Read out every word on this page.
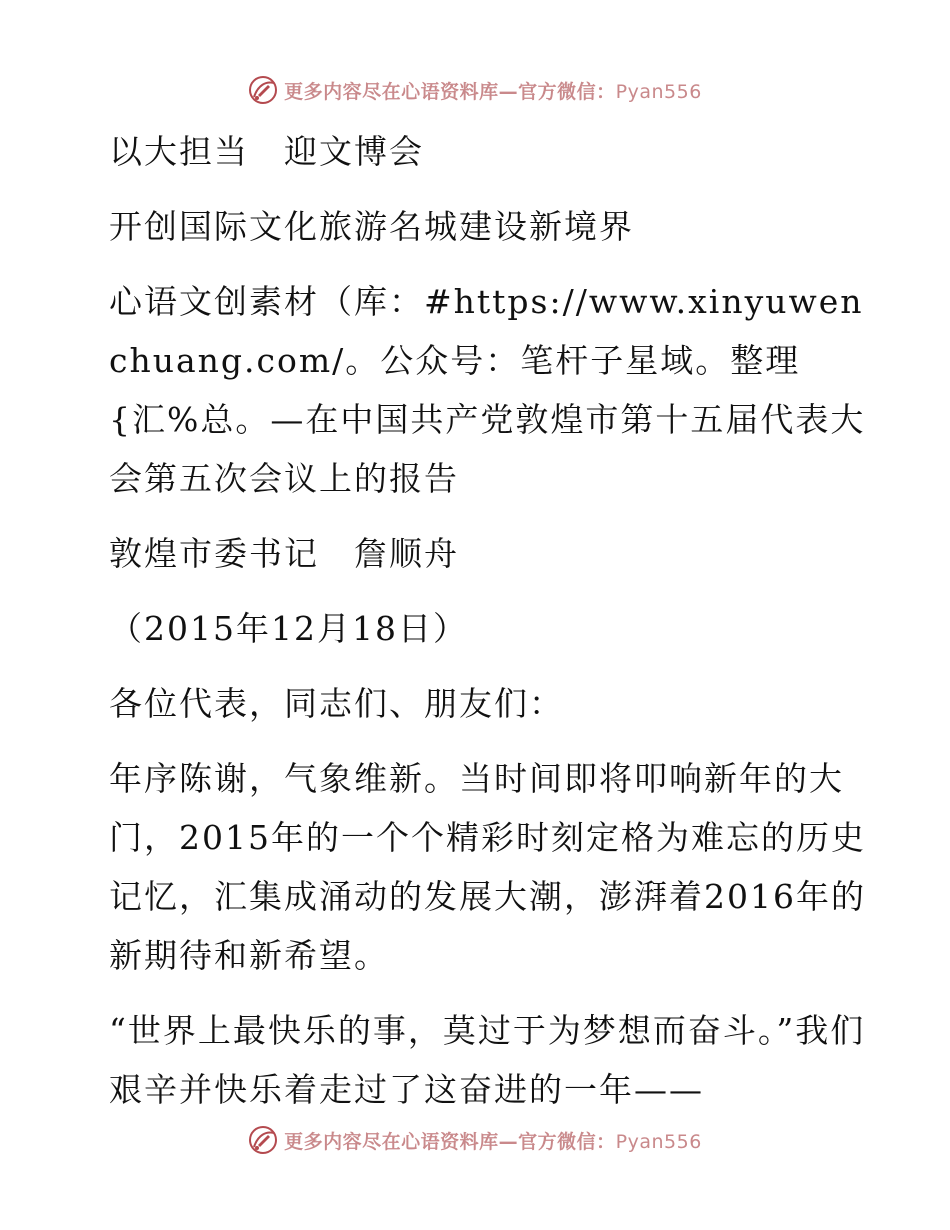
更多内容尽在心语资料库—官方微信：Pyan556

以大担当　迎文博会

开创国际文化旅游名城建设新境界

心语文创素材（库：#https://www.xinyuwenchuang.com/。公众号：笔杆子星域。整理{汇%总。—在中国共产党敦煌市第十五届代表大会第五次会议上的报告

敦煌市委书记　詹顺舟

（2015年12月18日）

各位代表，同志们、朋友们：

年序陈谢，气象维新。当时间即将叩响新年的大门，2015年的一个个精彩时刻定格为难忘的历史记忆，汇集成涌动的发展大潮，澎湃着2016年的新期待和新希望。

“世界上最快乐的事，莫过于为梦想而奋斗。”我们艰辛并快乐着走过了这奋进的一年——

更多内容尽在心语资料库—官方微信：Pyan556
